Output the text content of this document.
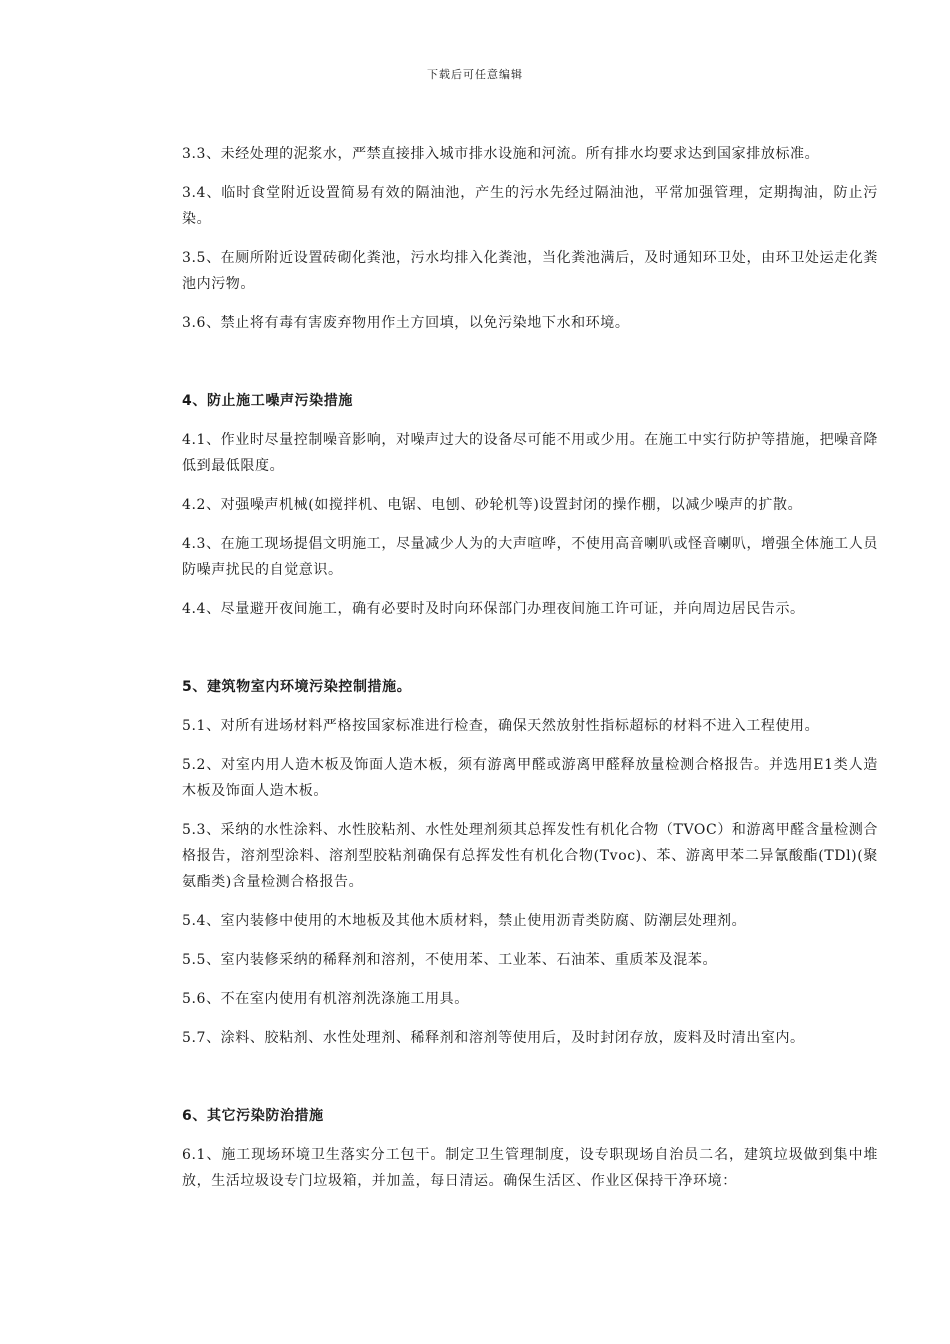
下载后可任意编辑

3.3、未经处理的泥浆水，严禁直接排入城市排水设施和河流。所有排水均要求达到国家排放标准。

3.4、临时食堂附近设置简易有效的隔油池，产生的污水先经过隔油池，平常加强管理，定期掏油，防止污染。

3.5、在厕所附近设置砖砌化粪池，污水均排入化粪池，当化粪池满后，及时通知环卫处，由环卫处运走化粪池内污物。

3.6、禁止将有毒有害废弃物用作土方回填，以免污染地下水和环境。

4、防止施工噪声污染措施

4.1、作业时尽量控制噪音影响，对噪声过大的设备尽可能不用或少用。在施工中实行防护等措施，把噪音降低到最低限度。

4.2、对强噪声机械(如搅拌机、电锯、电刨、砂轮机等)设置封闭的操作棚，以减少噪声的扩散。

4.3、在施工现场提倡文明施工，尽量减少人为的大声喧哗，不使用高音喇叭或怪音喇叭，增强全体施工人员防噪声扰民的自觉意识。

4.4、尽量避开夜间施工，确有必要时及时向环保部门办理夜间施工许可证，并向周边居民告示。

5、建筑物室内环境污染控制措施。

5.1、对所有进场材料严格按国家标准进行检查，确保天然放射性指标超标的材料不进入工程使用。

5.2、对室内用人造木板及饰面人造木板，须有游离甲醛或游离甲醛释放量检测合格报告。并选用E1类人造木板及饰面人造木板。

5.3、采纳的水性涂料、水性胶粘剂、水性处理剂须其总挥发性有机化合物（TVOC）和游离甲醛含量检测合格报告，溶剂型涂料、溶剂型胶粘剂确保有总挥发性有机化合物(Tvoc)、苯、游离甲苯二异氰酸酯(TDl)(聚氨酯类)含量检测合格报告。

5.4、室内装修中使用的木地板及其他木质材料，禁止使用沥青类防腐、防潮层处理剂。

5.5、室内装修采纳的稀释剂和溶剂，不使用苯、工业苯、石油苯、重质苯及混苯。

5.6、不在室内使用有机溶剂洗涤施工用具。

5.7、涂料、胶粘剂、水性处理剂、稀释剂和溶剂等使用后，及时封闭存放，废料及时清出室内。

6、其它污染防治措施

6.1、施工现场环境卫生落实分工包干。制定卫生管理制度，设专职现场自治员二名，建筑垃圾做到集中堆放，生活垃圾设专门垃圾箱，并加盖，每日清运。确保生活区、作业区保持干净环境：
